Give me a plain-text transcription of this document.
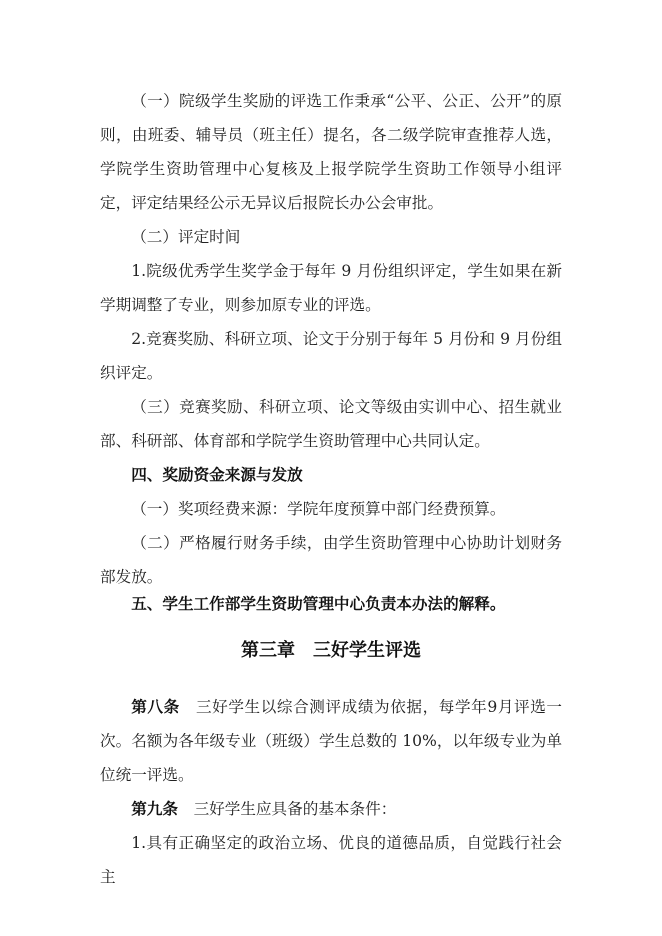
（一）院级学生奖励的评选工作秉承“公平、公正、公开”的原则，由班委、辅导员（班主任）提名，各二级学院审查推荐人选，学院学生资助管理中心复核及上报学院学生资助工作领导小组评定，评定结果经公示无异议后报院长办公会审批。
（二）评定时间
1.院级优秀学生奖学金于每年 9 月份组织评定，学生如果在新学期调整了专业，则参加原专业的评选。
2.竞赛奖励、科研立项、论文于分别于每年 5 月份和 9 月份组织评定。
（三）竞赛奖励、科研立项、论文等级由实训中心、招生就业部、科研部、体育部和学院学生资助管理中心共同认定。
四、奖励资金来源与发放
（一）奖项经费来源：学院年度预算中部门经费预算。
（二）严格履行财务手续，由学生资助管理中心协助计划财务部发放。
五、学生工作部学生资助管理中心负责本办法的解释。
第三章　三好学生评选
第八条　三好学生以综合测评成绩为依据，每学年9月评选一次。名额为各年级专业（班级）学生总数的 10%，以年级专业为单位统一评选。
第九条　三好学生应具备的基本条件：
1.具有正确坚定的政治立场、优良的道德品质，自觉践行社会主
